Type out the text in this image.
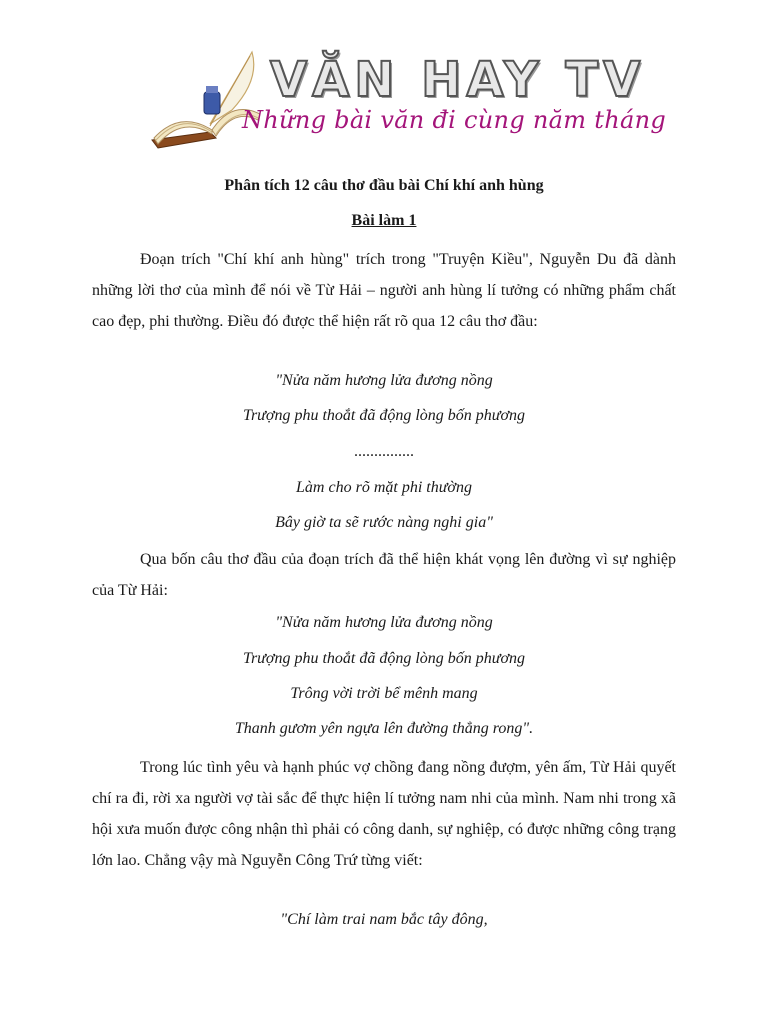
VĂN HAY TV
Những bài văn đi cùng năm tháng
Phân tích 12 câu thơ đầu bài Chí khí anh hùng
Bài làm 1

Đoạn trích "Chí khí anh hùng" trích trong "Truyện Kiều", Nguyễn Du đã dành những lời thơ của mình để nói về Từ Hải – người anh hùng lí tưởng có những phẩm chất cao đẹp, phi thường. Điều đó được thể hiện rất rõ qua 12 câu thơ đầu:

"Nửa năm hương lửa đương nồng

Trượng phu thoắt đã động lòng bốn phương

...............

Làm cho rõ mặt phi thường

Bây giờ ta sẽ rước nàng nghi gia"

Qua bốn câu thơ đầu của đoạn trích đã thể hiện khát vọng lên đường vì sự nghiệp của Từ Hải:

"Nửa năm hương lửa đương nồng

Trượng phu thoắt đã động lòng bốn phương

Trông vời trời bể mênh mang

Thanh gươm yên ngựa lên đường thẳng rong".

Trong lúc tình yêu và hạnh phúc vợ chồng đang nồng đượm, yên ấm, Từ Hải quyết chí ra đi, rời xa người vợ tài sắc để thực hiện lí tưởng nam nhi của mình. Nam nhi trong xã hội xưa muốn được công nhận thì phải có công danh, sự nghiệp, có được những công trạng lớn lao. Chẳng vậy mà Nguyễn Công Trứ từng viết:

"Chí làm trai nam bắc tây đông,
